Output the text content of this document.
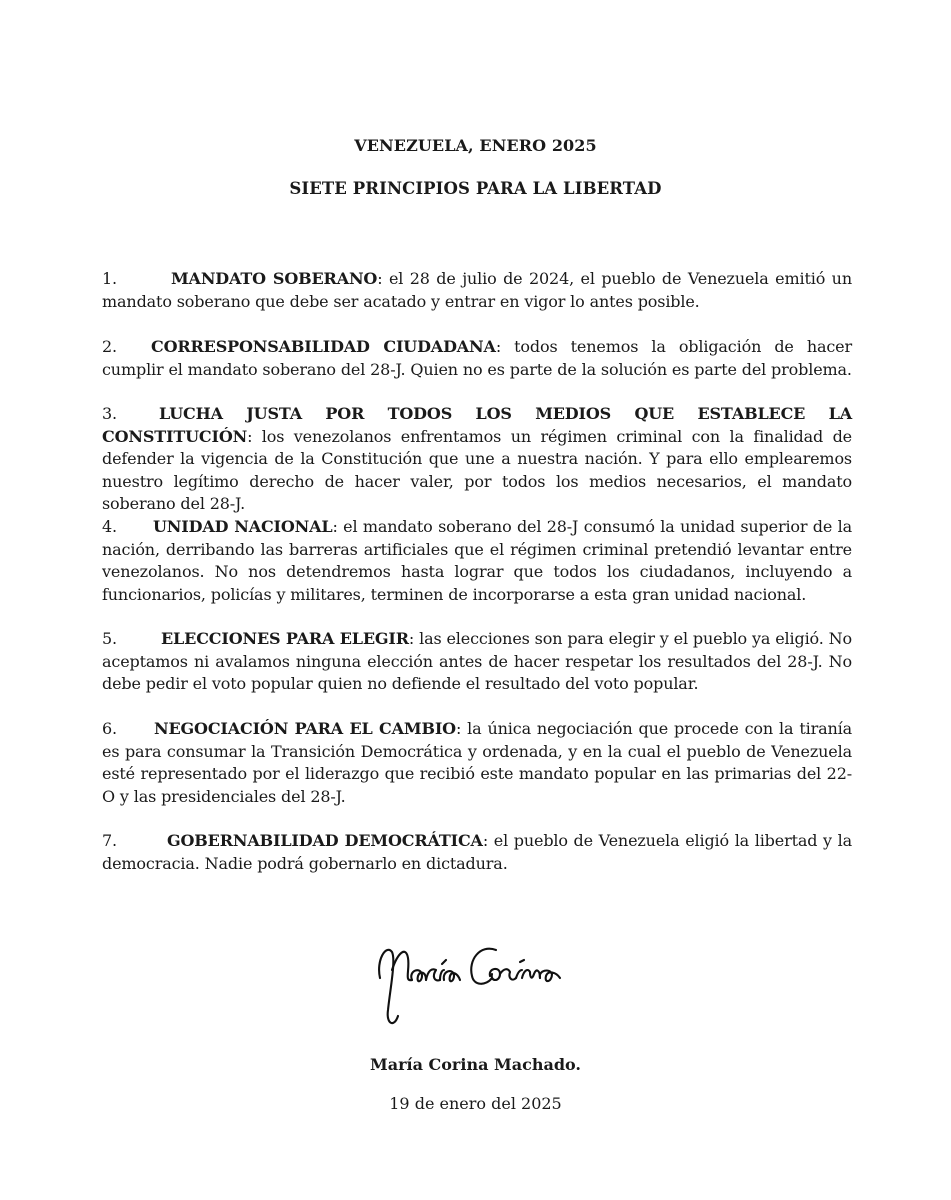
VENEZUELA, ENERO 2025
SIETE PRINCIPIOS PARA LA LIBERTAD

1.	MANDATO SOBERANO: el 28 de julio de 2024, el pueblo de Venezuela emitió un mandato soberano que debe ser acatado y entrar en vigor lo antes posible.

2. CORRESPONSABILIDAD CIUDADANA: todos tenemos la obligación de hacer cumplir el mandato soberano del 28-J. Quien no es parte de la solución es parte del problema.

3.	LUCHA JUSTA POR TODOS LOS MEDIOS QUE ESTABLECE LA CONSTITUCIÓN: los venezolanos enfrentamos un régimen criminal con la finalidad de defender la vigencia de la Constitución que une a nuestra nación. Y para ello emplearemos nuestro legítimo derecho de hacer valer, por todos los medios necesarios, el mandato soberano del 28-J.

4. UNIDAD NACIONAL: el mandato soberano del 28-J consumó la unidad superior de la nación, derribando las barreras artificiales que el régimen criminal pretendió levantar entre venezolanos. No nos detendremos hasta lograr que todos los ciudadanos, incluyendo a funcionarios, policías y militares, terminen de incorporarse a esta gran unidad nacional.

5.	ELECCIONES PARA ELEGIR: las elecciones son para elegir y el pueblo ya eligió. No aceptamos ni avalamos ninguna elección antes de hacer respetar los resultados del 28-J. No debe pedir el voto popular quien no defiende el resultado del voto popular.

6. NEGOCIACIÓN PARA EL CAMBIO: la única negociación que procede con la tiranía es para consumar la Transición Democrática y ordenada, y en la cual el pueblo de Venezuela esté representado por el liderazgo que recibió este mandato popular en las primarias del 22-O y las presidenciales del 28-J.

7.	GOBERNABILIDAD DEMOCRÁTICA: el pueblo de Venezuela eligió la libertad y la democracia. Nadie podrá gobernarlo en dictadura.

María Corina Machado.
19 de enero del 2025
